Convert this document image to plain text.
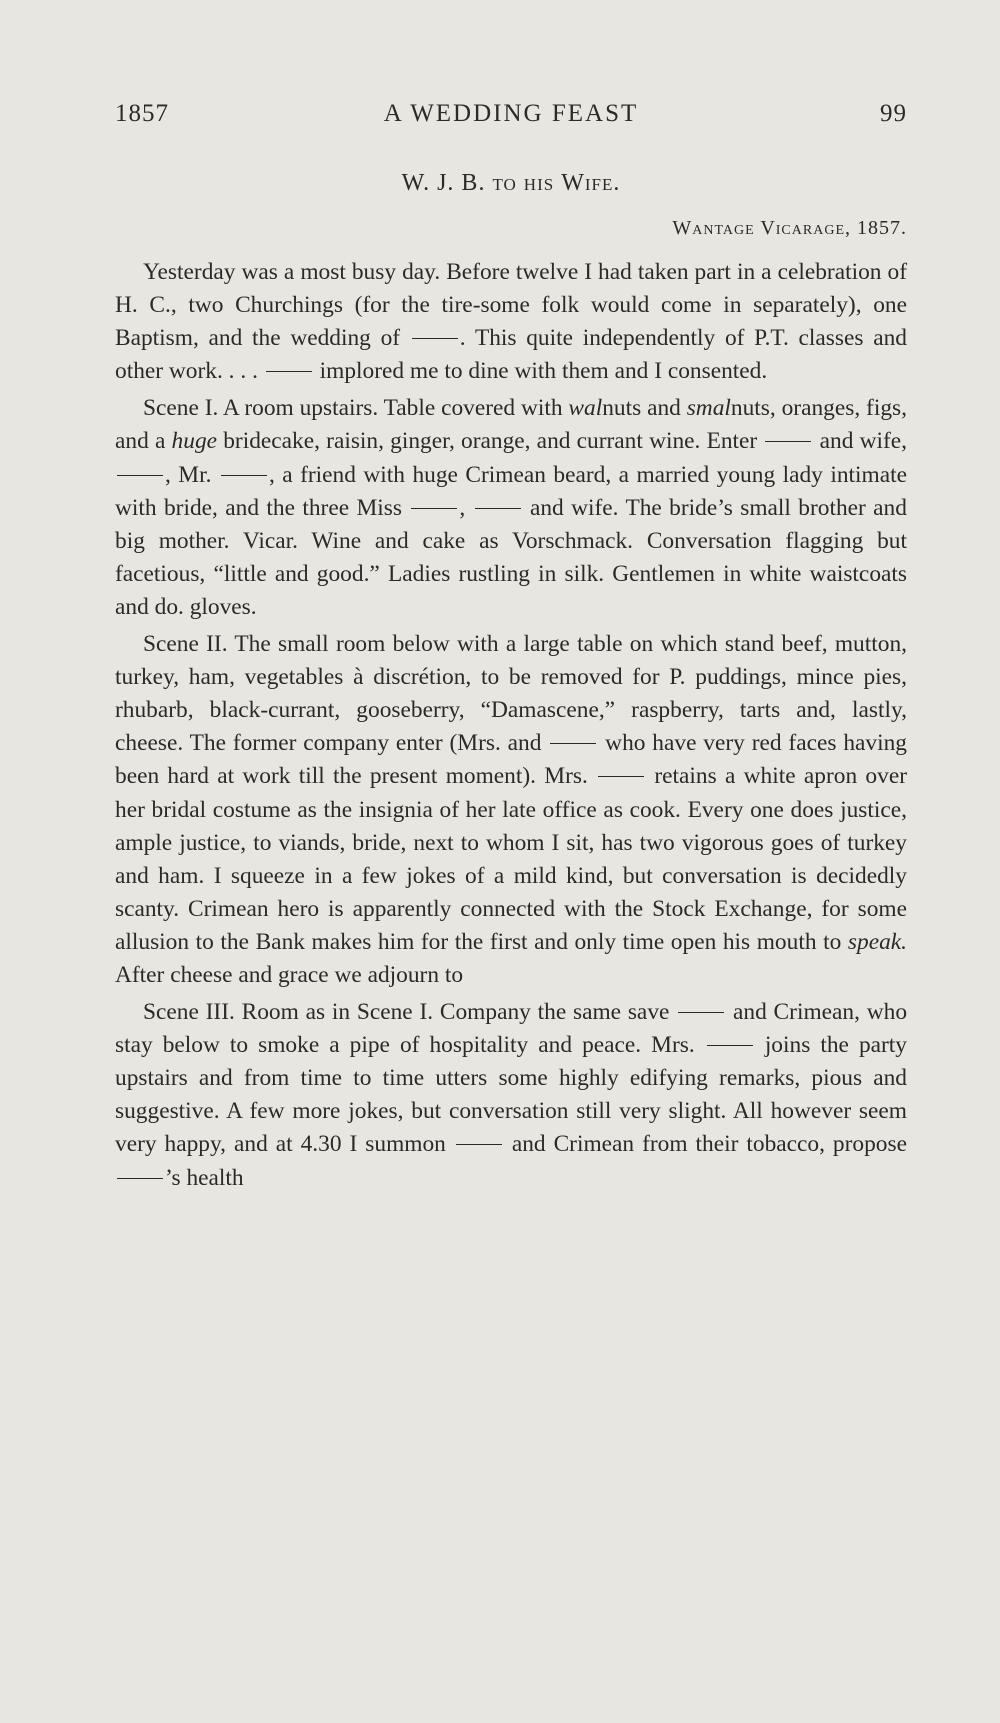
1857	A WEDDING FEAST	99
W. J. B. to his Wife.
Wantage Vicarage, 1857.

Yesterday was a most busy day. Before twelve I had taken part in a celebration of H. C., two Churchings (for the tire-some folk would come in separately), one Baptism, and the wedding of	. This quite independently of P.T. classes and other work. . . .	implored me to dine with them and I consented.

Scene I. A room upstairs. Table covered with walnuts and smalnuts, oranges, figs, and a huge bridecake, raisin, ginger, orange, and currant wine. Enter	and wife, , Mr. , a friend with huge Crimean beard, a married young lady intimate with bride, and the three Miss ,	and wife. The bride’s small brother and big mother. Vicar. Wine and cake as Vorschmack. Conversation flagging but facetious, “little and good.” Ladies rustling in silk. Gentlemen in white waistcoats and do. gloves.

Scene II. The small room below with a large table on which stand beef, mutton, turkey, ham, vegetables à discrétion, to be removed for P. puddings, mince pies, rhubarb, black-currant, gooseberry, “Damascene,” raspberry, tarts and, lastly, cheese. The former company enter (Mrs. and	who have very red faces having been hard at work till the present moment). Mrs.	retains a white apron over her bridal costume as the insignia of her late office as cook. Every one does justice, ample justice, to viands, bride, next to whom I sit, has two vigorous goes of turkey and ham. I squeeze in a few jokes of a mild kind, but conversation is decidedly scanty. Crimean hero is apparently connected with the Stock Exchange, for some allusion to the Bank makes him for the first and only time open his mouth to speak. After cheese and grace we adjourn to

Scene III. Room as in Scene I. Company the same save	and Crimean, who stay below to smoke a pipe of hospitality and peace. Mrs.	joins the party upstairs and from time to time utters some highly edifying remarks, pious and suggestive. A few more jokes, but conversation still very slight. All however seem very happy, and at 4.30 I summon	and Crimean from their tobacco, propose ’s health
